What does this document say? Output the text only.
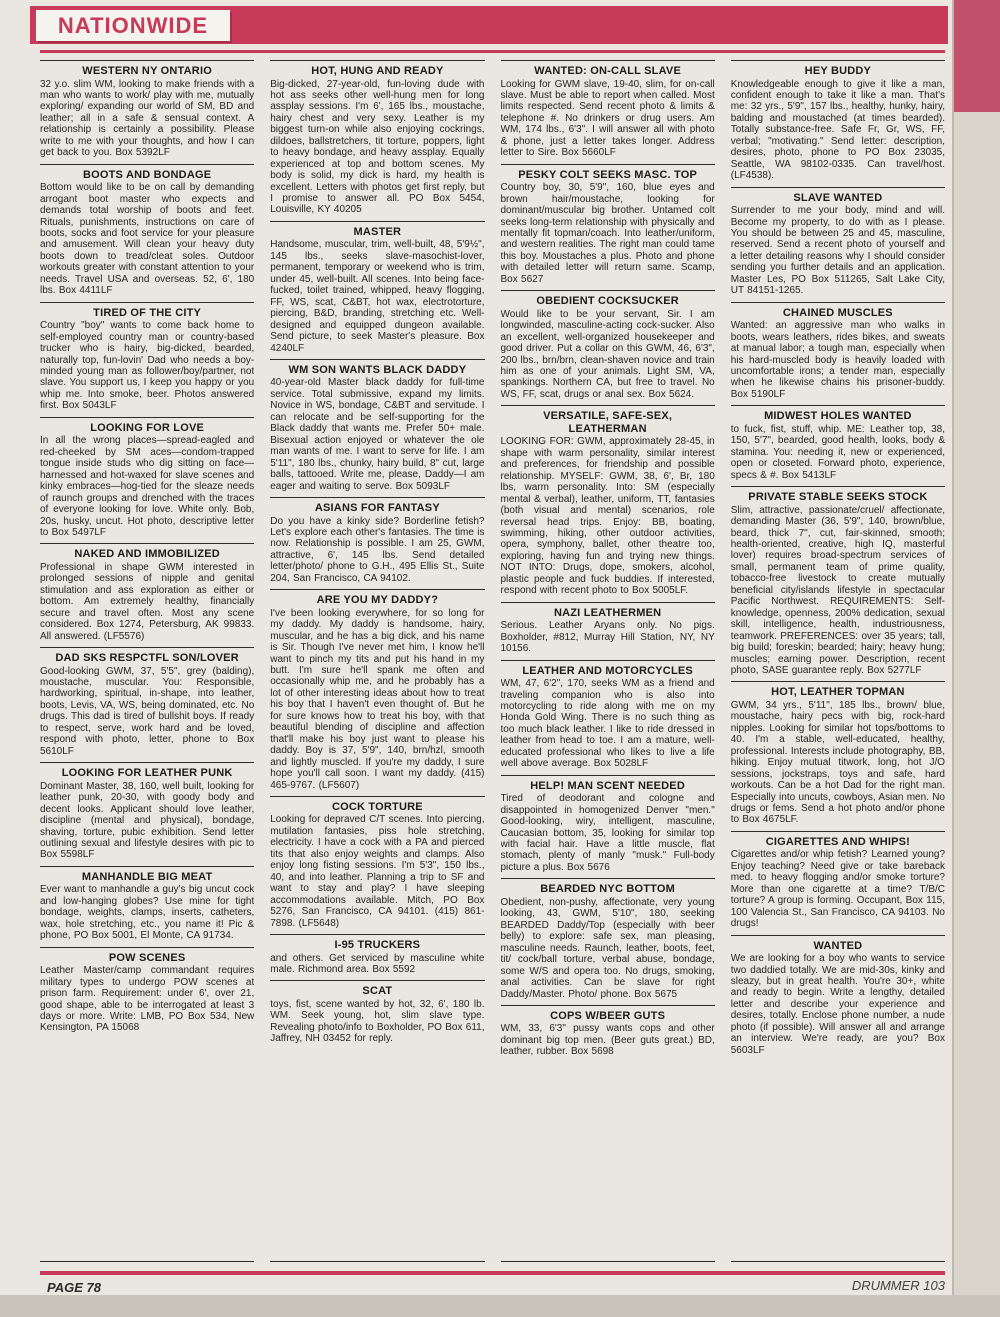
NATIONWIDE
WESTERN NY ONTARIO

32 y.o. slim WM, looking to make friends with a man who wants to work/ play with me, mutually exploring/ expanding our world of SM, BD and leather; all in a safe & sensual context. A relationship is certainly a possibility. Please write to me with your thoughts, and how I can get back to you. Box 5392LF

BOOTS AND BONDAGE

Bottom would like to be on call by demanding arrogant boot master who expects and demands total worship of boots and feet. Rituals, punishments, instructions on care of boots, socks and foot service for your pleasure and amusement. Will clean your heavy duty boots down to tread/cleat soles. Outdoor workouts greater with constant attention to your needs. Travel USA and overseas. 52, 6', 180 lbs. Box 4411LF

TIRED OF THE CITY

Country "boy" wants to come back home to self-employed country man or country-based trucker who is hairy, big-dicked, bearded, naturally top, fun-lovin' Dad who needs a boy-minded young man as follower/boy/partner, not slave. You support us, I keep you happy or you whip me. Into smoke, beer. Photos answered first. Box 5043LF

LOOKING FOR LOVE

In all the wrong places—spread-eagled and red-cheeked by SM aces—condom-trapped tongue inside studs who dig sitting on face—harnessed and hot-waxed for slave scenes and kinky embraces—hog-tied for the sleaze needs of raunch groups and drenched with the traces of everyone looking for love. White only. Bob, 20s, husky, uncut. Hot photo, descriptive letter to Box 5497LF

NAKED AND IMMOBILIZED

Professional in shape GWM interested in prolonged sessions of nipple and genital stimulation and ass exploration as either or bottom. Am extremely healthy, financially secure and travel often. Most any scene considered. Box 1274, Petersburg, AK 99833. All answered. (LF5576)

DAD SKS RESPCTFL SON/LOVER

Good-looking GWM, 37, 5'5", grey (balding), moustache, muscular. You: Responsible, hardworking, spiritual, in-shape, into leather, boots, Levis, VA, WS, being dominated, etc. No drugs. This dad is tired of bullshit boys. If ready to respect, serve, work hard and be loved, respond with photo, letter, phone to Box 5610LF

LOOKING FOR LEATHER PUNK

Dominant Master, 38, 160, well built, looking for leather punk, 20-30, with goody body and decent looks. Applicant should love leather, discipline (mental and physical), bondage, shaving, torture, pubic exhibition. Send letter outlining sexual and lifestyle desires with pic to Box 5598LF

MANHANDLE BIG MEAT

Ever want to manhandle a guy's big uncut cock and low-hanging globes? Use mine for tight bondage, weights, clamps, inserts, catheters, wax, hole stretching, etc., you name it! Pic & phone, PO Box 5001, El Monte, CA 91734.

POW SCENES

Leather Master/camp commandant requires military types to undergo POW scenes at prison farm. Requirement: under 6', over 21, good shape, able to be interrogated at least 3 days or more. Write: LMB, PO Box 534, New Kensington, PA 15068

HOT, HUNG AND READY

Big-dicked, 27-year-old, fun-loving dude with hot ass seeks other well-hung men for long assplay sessions. I'm 6', 165 lbs., moustache, hairy chest and very sexy. Leather is my biggest turn-on while also enjoying cockrings, dildoes, ballstretchers, tit torture, poppers, light to heavy bondage, and heavy assplay. Equally experienced at top and bottom scenes. My body is solid, my dick is hard, my health is excellent. Letters with photos get first reply, but I promise to answer all. PO Box 5454, Louisville, KY 40205

MASTER

Handsome, muscular, trim, well-built, 48, 5'9½", 145 lbs., seeks slave-masochist-lover, permanent, temporary or weekend who is trim, under 45, well-built. All scenes. Into being face-fucked, toilet trained, whipped, heavy flogging, FF, WS, scat, C&BT, hot wax, electrotorture, piercing, B&D, branding, stretching etc. Well-designed and equipped dungeon available. Send picture, to seek Master's pleasure. Box 4240LF

WM SON WANTS BLACK DADDY

40-year-old Master black daddy for full-time service. Total submissive, expand my limits. Novice in WS, bondage, C&BT and servitude. I can relocate and be self-supporting for the Black daddy that wants me. Prefer 50+ male. Bisexual action enjoyed or whatever the ole man wants of me. I want to serve for life. I am 5'11", 180 lbs., chunky, hairy build, 8" cut, large balls, tattooed. Write me, please, Daddy—I am eager and waiting to serve. Box 5093LF

ASIANS FOR FANTASY

Do you have a kinky side? Borderline fetish? Let's explore each other's fantasies. The time is now. Relationship is possible. I am 25, GWM, attractive, 6', 145 lbs. Send detailed letter/photo/ phone to G.H., 495 Ellis St., Suite 204, San Francisco, CA 94102.

ARE YOU MY DADDY?

I've been looking everywhere, for so long for my daddy. My daddy is handsome, hairy, muscular, and he has a big dick, and his name is Sir. Though I've never met him, I know he'll want to pinch my tits and put his hand in my butt. I'm sure he'll spank me often and occasionally whip me, and he probably has a lot of other interesting ideas about how to treat his boy that I haven't even thought of. But he for sure knows how to treat his boy, with that beautiful blending of discipline and affection that'll make his boy just want to please his daddy. Boy is 37, 5'9", 140, brn/hzl, smooth and lightly muscled. If you're my daddy, I sure hope you'll call soon. I want my daddy. (415) 465-9767. (LF5607)

COCK TORTURE

Looking for depraved C/T scenes. Into piercing, mutilation fantasies, piss hole stretching, electricity. I have a cock with a PA and pierced tits that also enjoy weights and clamps. Also enjoy long fisting sessions. I'm 5'3", 150 lbs., 40, and into leather. Planning a trip to SF and want to stay and play? I have sleeping accommodations available. Mitch, PO Box 5276, San Francisco, CA 94101. (415) 861-7898. (LF5648)

I-95 TRUCKERS

and others. Get serviced by masculine white male. Richmond area. Box 5592

SCAT

toys, fist, scene wanted by hot, 32, 6', 180 lb. WM. Seek young, hot, slim slave type. Revealing photo/info to Boxholder, PO Box 611, Jaffrey, NH 03452 for reply.

WANTED: ON-CALL SLAVE

Looking for GWM slave, 19-40, slim, for on-call slave. Must be able to report when called. Most limits respected. Send recent photo & limits & telephone #. No drinkers or drug users. Am WM, 174 lbs., 6'3". I will answer all with photo & phone, just a letter takes longer. Address letter to Sire. Box 5660LF

PESKY COLT SEEKS MASC. TOP

Country boy, 30, 5'9", 160, blue eyes and brown hair/moustache, looking for dominant/muscular big brother. Untamed colt seeks long-term relationship with physically and mentally fit topman/coach. Into leather/uniform, and western realities. The right man could tame this boy. Moustaches a plus. Photo and phone with detailed letter will return same. Scamp, Box 5627

OBEDIENT COCKSUCKER

Would like to be your servant, Sir. I am longwinded, masculine-acting cock-sucker. Also an excellent, well-organized housekeeper and good driver. Put a collar on this GWM, 46, 6'3", 200 lbs., brn/brn, clean-shaven novice and train him as one of your animals. Light SM, VA, spankings. Northern CA, but free to travel. No WS, FF, scat, drugs or anal sex. Box 5624.

VERSATILE, SAFE-SEX, LEATHERMAN

LOOKING FOR: GWM, approximately 28-45, in shape with warm personality, similar interest and preferences, for friendship and possible relationship. MYSELF: GWM, 38, 6', Br, 180 lbs, warm personality. Into: SM (especially mental & verbal), leather, uniform, TT, fantasies (both visual and mental) scenarios, role reversal head trips. Enjoy: BB, boating, swimming, hiking, other outdoor activities, opera, symphony, ballet, other theatre too, exploring, having fun and trying new things. NOT INTO: Drugs, dope, smokers, alcohol, plastic people and fuck buddies. If interested, respond with recent photo to Box 5005LF.

NAZI LEATHERMEN

Serious. Leather Aryans only. No pigs. Boxholder, #812, Murray Hill Station, NY, NY 10156.

LEATHER AND MOTORCYCLES

WM, 47, 6'2", 170, seeks WM as a friend and traveling companion who is also into motorcycling to ride along with me on my Honda Gold Wing. There is no such thing as too much black leather. I like to ride dressed in leather from head to toe. I am a mature, well-educated professional who likes to live a life well above average. Box 5028LF

HELP! MAN SCENT NEEDED

Tired of deodorant and cologne and disappointed in homogenized Denver "men." Good-looking, wiry, intelligent, masculine, Caucasian bottom, 35, looking for similar top with facial hair. Have a little muscle, flat stomach, plenty of manly "musk." Full-body picture a plus. Box 5676

BEARDED NYC BOTTOM

Obedient, non-pushy, affectionate, very young looking, 43, GWM, 5'10", 180, seeking BEARDED Daddy/Top (especially with beer belly) to explore: safe sex, man pleasing, masculine needs. Raunch, leather, boots, feet, tit/ cock/ball torture, verbal abuse, bondage, some W/S and opera too. No drugs, smoking, anal activities. Can be slave for right Daddy/Master. Photo/ phone. Box 5675

COPS W/BEER GUTS

WM, 33, 6'3" pussy wants cops and other dominant big top men. (Beer guts great.) BD, leather, rubber. Box 5698

HEY BUDDY

Knowledgeable enough to give it like a man, confident enough to take it like a man. That's me: 32 yrs., 5'9", 157 lbs., healthy, hunky, hairy, balding and moustached (at times bearded). Totally substance-free. Safe Fr, Gr, WS, FF, verbal; "motivating." Send letter: description, desires, photo, phone to PO Box 23035, Seattle, WA 98102-0335. Can travel/host. (LF4538).

SLAVE WANTED

Surrender to me your body, mind and will. Become my property, to do with as I please. You should be between 25 and 45, masculine, reserved. Send a recent photo of yourself and a letter detailing reasons why I should consider sending you further details and an application. Master Les, PO Box 511265, Salt Lake City, UT 84151-1265.

CHAINED MUSCLES

Wanted: an aggressive man who walks in boots, wears leathers, rides bikes, and sweats at manual labor; a tough man, especially when his hard-muscled body is heavily loaded with uncomfortable irons; a tender man, especially when he likewise chains his prisoner-buddy. Box 5190LF

MIDWEST HOLES WANTED

to fuck, fist, stuff, whip. ME: Leather top, 38, 150, 5'7", bearded, good health, looks, body & stamina. You: needing it, new or experienced, open or closeted. Forward photo, experience, specs & #. Box 5413LF

PRIVATE STABLE SEEKS STOCK

Slim, attractive, passionate/cruel/ affectionate, demanding Master (36, 5'9", 140, brown/blue, beard, thick 7", cut, fair-skinned, smooth; health-oriented, creative, high IQ, masterful lover) requires broad-spectrum services of small, permanent team of prime quality, tobacco-free livestock to create mutually beneficial city/islands lifestyle in spectacular Pacific Northwest. REQUIREMENTS: Self-knowledge, openness, 200% dedication, sexual skill, intelligence, health, industriousness, teamwork. PREFERENCES: over 35 years; tall, big build; foreskin; bearded; hairy; heavy hung; muscles; earning power. Description, recent photo, SASE guarantee reply. Box 5277LF

HOT, LEATHER TOPMAN

GWM, 34 yrs., 5'11", 185 lbs., brown/ blue, moustache, hairy pecs with big, rock-hard nipples. Looking for similar hot tops/bottoms to 40. I'm a stable, well-educated, healthy, professional. Interests include photography, BB, hiking. Enjoy mutual titwork, long, hot J/O sessions, jockstraps, toys and safe, hard workouts. Can be a hot Dad for the right man. Especially into uncuts, cowboys, Asian men. No drugs or fems. Send a hot photo and/or phone to Box 4675LF.

CIGARETTES AND WHIPS!

Cigarettes and/or whip fetish? Learned young? Enjoy teaching? Need give or take bareback med. to heavy flogging and/or smoke torture? More than one cigarette at a time? T/B/C torture? A group is forming. Occupant, Box 115, 100 Valencia St., San Francisco, CA 94103. No drugs!

WANTED

We are looking for a boy who wants to service two daddied totally. We are mid-30s, kinky and sleazy, but in great health. You're 30+, white and ready to begin. Write a lengthy, detailed letter and describe your experience and desires, totally. Enclose phone number, a nude photo (if possible). Will answer all and arrange an interview. We're ready, are you? Box 5603LF

PAGE 78	DRUMMER 103
